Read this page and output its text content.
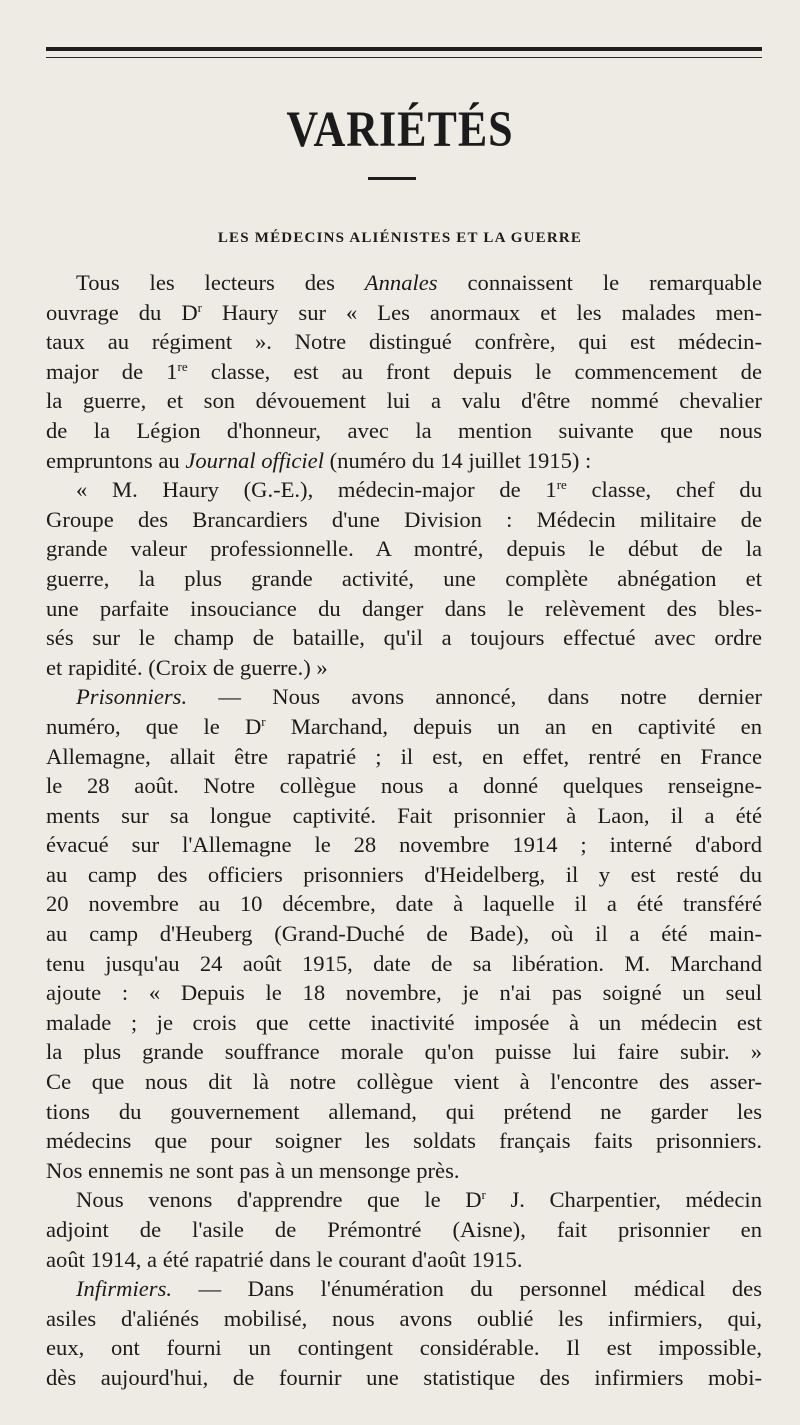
VARIÉTÉS
LES MÉDECINS ALIÉNISTES ET LA GUERRE
Tous les lecteurs des Annales connaissent le remarquable
ouvrage du $D^r$ Haury sur « Les anormaux et les malades men-
taux au régiment ». Notre distingué confrère, qui est médecin-
major de 1re classe, est au front depuis le commencement de
la guerre, et son dévouement lui a valu d'être nommé chevalier
de la Légion d'honneur, avec la mention suivante que nous
empruntons au Journal officiel (numéro du 14 juillet 1915) :
« M. Haury (G.-E.), médecin-major de 1re classe, chef du
Groupe des Brancardiers d'une Division : Médecin militaire de
grande valeur professionnelle. A montré, depuis le début de la
guerre, la plus grande activité, une complète abnégation et
une parfaite insouciance du danger dans le relèvement des bles-
sés sur le champ de bataille, qu'il a toujours effectué avec ordre
et rapidité. (Croix de guerre.) »
Prisonniers. — Nous avons annoncé, dans notre dernier
numéro, que le $D^r$ Marchand, depuis un an en captivité en
Allemagne, allait être rapatrié ; il est, en effet, rentré en France
le 28 août. Notre collègue nous a donné quelques renseigne-
ments sur sa longue captivité. Fait prisonnier à Laon, il a été
évacué sur l'Allemagne le 28 novembre 1914 ; interné d'abord
au camp des officiers prisonniers d'Heidelberg, il y est resté du
20 novembre au 10 décembre, date à laquelle il a été transféré
au camp d'Heuberg (Grand-Duché de Bade), où il a été main-
tenu jusqu'au 24 août 1915, date de sa libération. M. Marchand
ajoute : « Depuis le 18 novembre, je n'ai pas soigné un seul
malade ; je crois que cette inactivité imposée à un médecin est
la plus grande souffrance morale qu'on puisse lui faire subir. »
Ce que nous dit là notre collègue vient à l'encontre des asser-
tions du gouvernement allemand, qui prétend ne garder les
médecins que pour soigner les soldats français faits prisonniers.
Nos ennemis ne sont pas à un mensonge près.
Nous venons d'apprendre que le $D^r$ J. Charpentier, médecin
adjoint de l'asile de Prémontré (Aisne), fait prisonnier en
août 1914, a été rapatrié dans le courant d'août 1915.
Infirmiers. — Dans l'énumération du personnel médical des
asiles d'aliénés mobilisé, nous avons oublié les infirmiers, qui,
eux, ont fourni un contingent considérable. Il est impossible,
dès aujourd'hui, de fournir une statistique des infirmiers mobi-
